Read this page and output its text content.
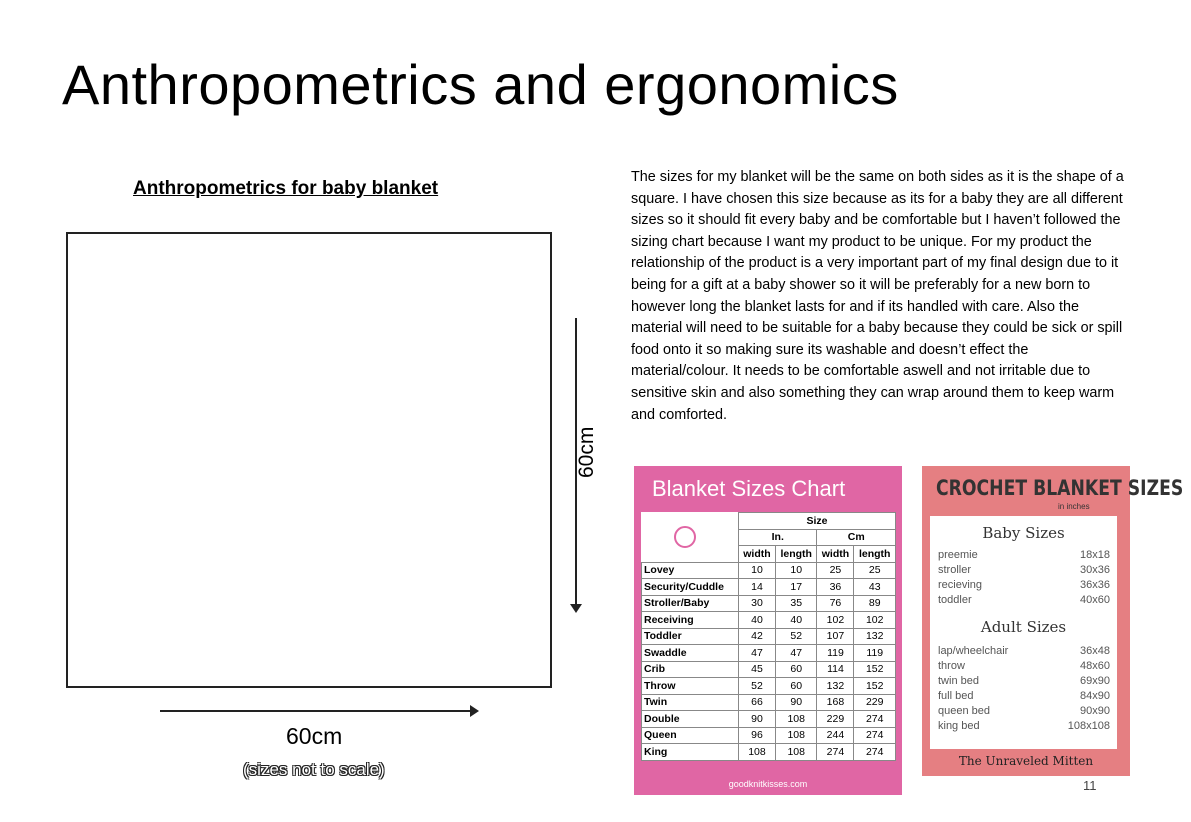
Anthropometrics and ergonomics
Anthropometrics for baby blanket
60cm
60cm
(sizes not to scale)

The sizes for my blanket will be the same on both sides as it is the shape of a square. I have chosen this size because as its for a baby they are all different sizes so it should fit every baby and be comfortable but I haven’t followed the sizing chart because I want my product to be unique. For my product the relationship of the product is a very important part of my final design due to it being for a gift at a baby shower so it will be preferably for a new born to however long the blanket lasts for and if its handled with care. Also the material will need to be suitable for a baby because they could be sick or spill food onto it so making sure its washable and doesn’t effect the material/colour. It needs to be comfortable aswell and not irritable due to sensitive skin and also something they can wrap around them to keep warm and comforted.

Blanket Sizes Chart
	Size			
	In.		Cm	
	width	length	width	length
Lovey	10	10	25	25
Security/Cuddle	14	17	36	43
Stroller/Baby	30	35	76	89
Receiving	40	40	102	102
Toddler	42	52	107	132
Swaddle	47	47	119	119
Crib	45	60	114	152
Throw	52	60	132	152
Twin	66	90	168	229
Double	90	108	229	274
Queen	96	108	244	274
King	108	108	274	274
goodknitkisses.com
CROCHET BLANKET SIZES
in inches
Baby Sizes
preemie	18x18
stroller	30x36
recieving	36x36
toddler	40x60
Adult Sizes
lap/wheelchair	36x48
throw	48x60
twin bed	69x90
full bed	84x90
queen bed	90x90
king bed	108x108
The Unraveled Mitten
11
